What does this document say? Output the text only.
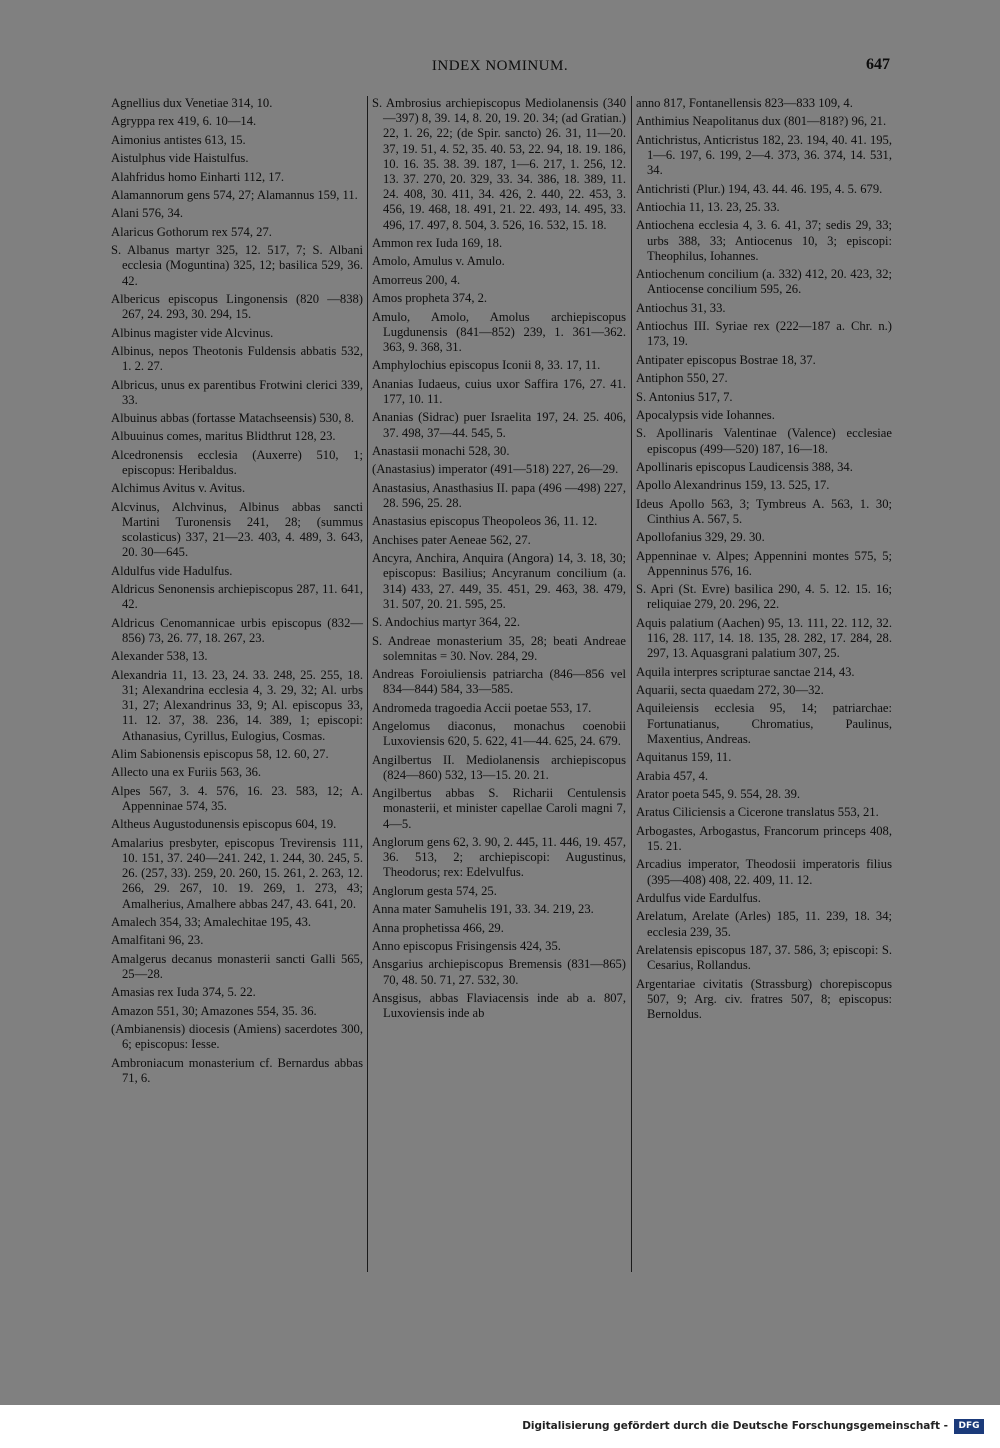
INDEX NOMINUM.	647
Agnellius dux Venetiae 314, 10.
Agryppa rex 419, 6. 10—14.
Aimonius antistes 613, 15.
Aistulphus vide Haistulfus.
Alahfridus homo Einharti 112, 17.
Alamannorum gens 574, 27; Alamannus 159, 11.
Alani 576, 34.
Alaricus Gothorum rex 574, 27.
S. Albanus martyr 325, 12. 517, 7; S. Albani ecclesia (Moguntina) 325, 12; basilica 529, 36. 42.
Albericus episcopus Lingonensis (820 —838) 267, 24. 293, 30. 294, 15.
Albinus magister vide Alcvinus.
Albinus, nepos Theotonis Fuldensis abbatis 532, 1. 2. 27.
Albricus, unus ex parentibus Frotwini clerici 339, 33.
Albuinus abbas (fortasse Matachseensis) 530, 8.
Albuuinus comes, maritus Blidthrut 128, 23.
Alcedronensis ecclesia (Auxerre) 510, 1; episcopus: Heribaldus.
Alchimus Avitus v. Avitus.
Alcvinus, Alchvinus, Albinus abbas sancti Martini Turonensis 241, 28; (summus scolasticus) 337, 21—23. 403, 4. 489, 3. 643, 20. 30—645.
Aldulfus vide Hadulfus.
Aldricus Senonensis archiepiscopus 287, 11. 641, 42.
Aldricus Cenomannicae urbis episcopus (832—856) 73, 26. 77, 18. 267, 23.
Alexander 538, 13.
Alexandria 11, 13. 23, 24. 33. 248, 25. 255, 18. 31; Alexandrina ecclesia 4, 3. 29, 32; Al. urbs 31, 27; Alexandrinus 33, 9; Al. episcopus 33, 11. 12. 37, 38. 236, 14. 389, 1; episcopi: Athanasius, Cyrillus, Eulogius, Cosmas.
Alim Sabionensis episcopus 58, 12. 60, 27.
Allecto una ex Furiis 563, 36.
Alpes 567, 3. 4. 576, 16. 23. 583, 12; A. Appenninae 574, 35.
Altheus Augustodunensis episcopus 604, 19.
Amalarius presbyter, episcopus Trevirensis 111, 10. 151, 37. 240—241. 242, 1. 244, 30. 245, 5. 26. (257, 33). 259, 20. 260, 15. 261, 2. 263, 12. 266, 29. 267, 10. 19. 269, 1. 273, 43; Amalherius, Amalhere abbas 247, 43. 641, 20.
Amalech 354, 33; Amalechitae 195, 43.
Amalfitani 96, 23.
Amalgerus decanus monasterii sancti Galli 565, 25—28.
Amasias rex Iuda 374, 5. 22.
Amazon 551, 30; Amazones 554, 35. 36.
(Ambianensis) diocesis (Amiens) sacerdotes 300, 6; episcopus: Iesse.
Ambroniacum monasterium cf. Bernardus abbas 71, 6.
S. Ambrosius archiepiscopus Mediolanensis (340—397) 8, 39. 14, 8. 20, 19. 20. 34; (ad Gratian.) 22, 1. 26, 22; (de Spir. sancto) 26. 31, 11—20. 37, 19. 51, 4. 52, 35. 40. 53, 22. 94, 18. 19. 186, 10. 16. 35. 38. 39. 187, 1—6. 217, 1. 256, 12. 13. 37. 270, 20. 329, 33. 34. 386, 18. 389, 11. 24. 408, 30. 411, 34. 426, 2. 440, 22. 453, 3. 456, 19. 468, 18. 491, 21. 22. 493, 14. 495, 33. 496, 17. 497, 8. 504, 3. 526, 16. 532, 15. 18.
Ammon rex Iuda 169, 18.
Amolo, Amulus v. Amulo.
Amorreus 200, 4.
Amos propheta 374, 2.
Amulo, Amolo, Amolus archiepiscopus Lugdunensis (841—852) 239, 1. 361—362. 363, 9. 368, 31.
Amphylochius episcopus Iconii 8, 33. 17, 11.
Ananias Iudaeus, cuius uxor Saffira 176, 27. 41. 177, 10. 11.
Ananias (Sidrac) puer Israelita 197, 24. 25. 406, 37. 498, 37—44. 545, 5.
Anastasii monachi 528, 30.
(Anastasius) imperator (491—518) 227, 26—29.
Anastasius, Anasthasius II. papa (496 —498) 227, 28. 596, 25. 28.
Anastasius episcopus Theopoleos 36, 11. 12.
Anchises pater Aeneae 562, 27.
Ancyra, Anchira, Anquira (Angora) 14, 3. 18, 30; episcopus: Basilius; Ancyranum concilium (a. 314) 433, 27. 449, 35. 451, 29. 463, 38. 479, 31. 507, 20. 21. 595, 25.
S. Andochius martyr 364, 22.
S. Andreae monasterium 35, 28; beati Andreae solemnitas = 30. Nov. 284, 29.
Andreas Foroiuliensis patriarcha (846—856 vel 834—844) 584, 33—585.
Andromeda tragoedia Accii poetae 553, 17.
Angelomus diaconus, monachus coenobii Luxoviensis 620, 5. 622, 41—44. 625, 24. 679.
Angilbertus II. Mediolanensis archiepiscopus (824—860) 532, 13—15. 20. 21.
Angilbertus abbas S. Richarii Centulensis monasterii, et minister capellae Caroli magni 7, 4—5.
Anglorum gens 62, 3. 90, 2. 445, 11. 446, 19. 457, 36. 513, 2; archiepiscopi: Augustinus, Theodorus; rex: Edelvulfus.
Anglorum gesta 574, 25.
Anna mater Samuhelis 191, 33. 34. 219, 23.
Anna prophetissa 466, 29.
Anno episcopus Frisingensis 424, 35.
Ansgarius archiepiscopus Bremensis (831—865) 70, 48. 50. 71, 27. 532, 30.
Ansgisus, abbas Flaviacensis inde ab a. 807, Luxoviensis inde ab
anno 817, Fontanellensis 823—833 109, 4.
Anthimius Neapolitanus dux (801—818?) 96, 21.
Antichristus, Anticristus 182, 23. 194, 40. 41. 195, 1—6. 197, 6. 199, 2—4. 373, 36. 374, 14. 531, 34.
Antichristi (Plur.) 194, 43. 44. 46. 195, 4. 5. 679.
Antiochia 11, 13. 23, 25. 33.
Antiochena ecclesia 4, 3. 6. 41, 37; sedis 29, 33; urbs 388, 33; Antiocenus 10, 3; episcopi: Theophilus, Iohannes.
Antiochenum concilium (a. 332) 412, 20. 423, 32; Antiocense concilium 595, 26.
Antiochus 31, 33.
Antiochus III. Syriae rex (222—187 a. Chr. n.) 173, 19.
Antipater episcopus Bostrae 18, 37.
Antiphon 550, 27.
S. Antonius 517, 7.
Apocalypsis vide Iohannes.
S. Apollinaris Valentinae (Valence) ecclesiae episcopus (499—520) 187, 16—18.
Apollinaris episcopus Laudicensis 388, 34.
Apollo Alexandrinus 159, 13. 525, 17.
Ideus Apollo 563, 3; Tymbreus A. 563, 1. 30; Cinthius A. 567, 5.
Apollofanius 329, 29. 30.
Appenninae v. Alpes; Appennini montes 575, 5; Appenninus 576, 16.
S. Apri (St. Evre) basilica 290, 4. 5. 12. 15. 16; reliquiae 279, 20. 296, 22.
Aquis palatium (Aachen) 95, 13. 111, 22. 112, 32. 116, 28. 117, 14. 18. 135, 28. 282, 17. 284, 28. 297, 13. Aquasgrani palatium 307, 25.
Aquila interpres scripturae sanctae 214, 43.
Aquarii, secta quaedam 272, 30—32.
Aquileiensis ecclesia 95, 14; patriarchae: Fortunatianus, Chromatius, Paulinus, Maxentius, Andreas.
Aquitanus 159, 11.
Arabia 457, 4.
Arator poeta 545, 9. 554, 28. 39.
Aratus Ciliciensis a Cicerone translatus 553, 21.
Arbogastes, Arbogastus, Francorum princeps 408, 15. 21.
Arcadius imperator, Theodosii imperatoris filius (395—408) 408, 22. 409, 11. 12.
Ardulfus vide Eardulfus.
Arelatum, Arelate (Arles) 185, 11. 239, 18. 34; ecclesia 239, 35.
Arelatensis episcopus 187, 37. 586, 3; episcopi: S. Cesarius, Rollandus.
Argentariae civitatis (Strassburg) chorepiscopus 507, 9; Arg. civ. fratres 507, 8; episcopus: Bernoldus.
Digitalisierung gefördert durch die Deutsche Forschungsgemeinschaft -	DFG
